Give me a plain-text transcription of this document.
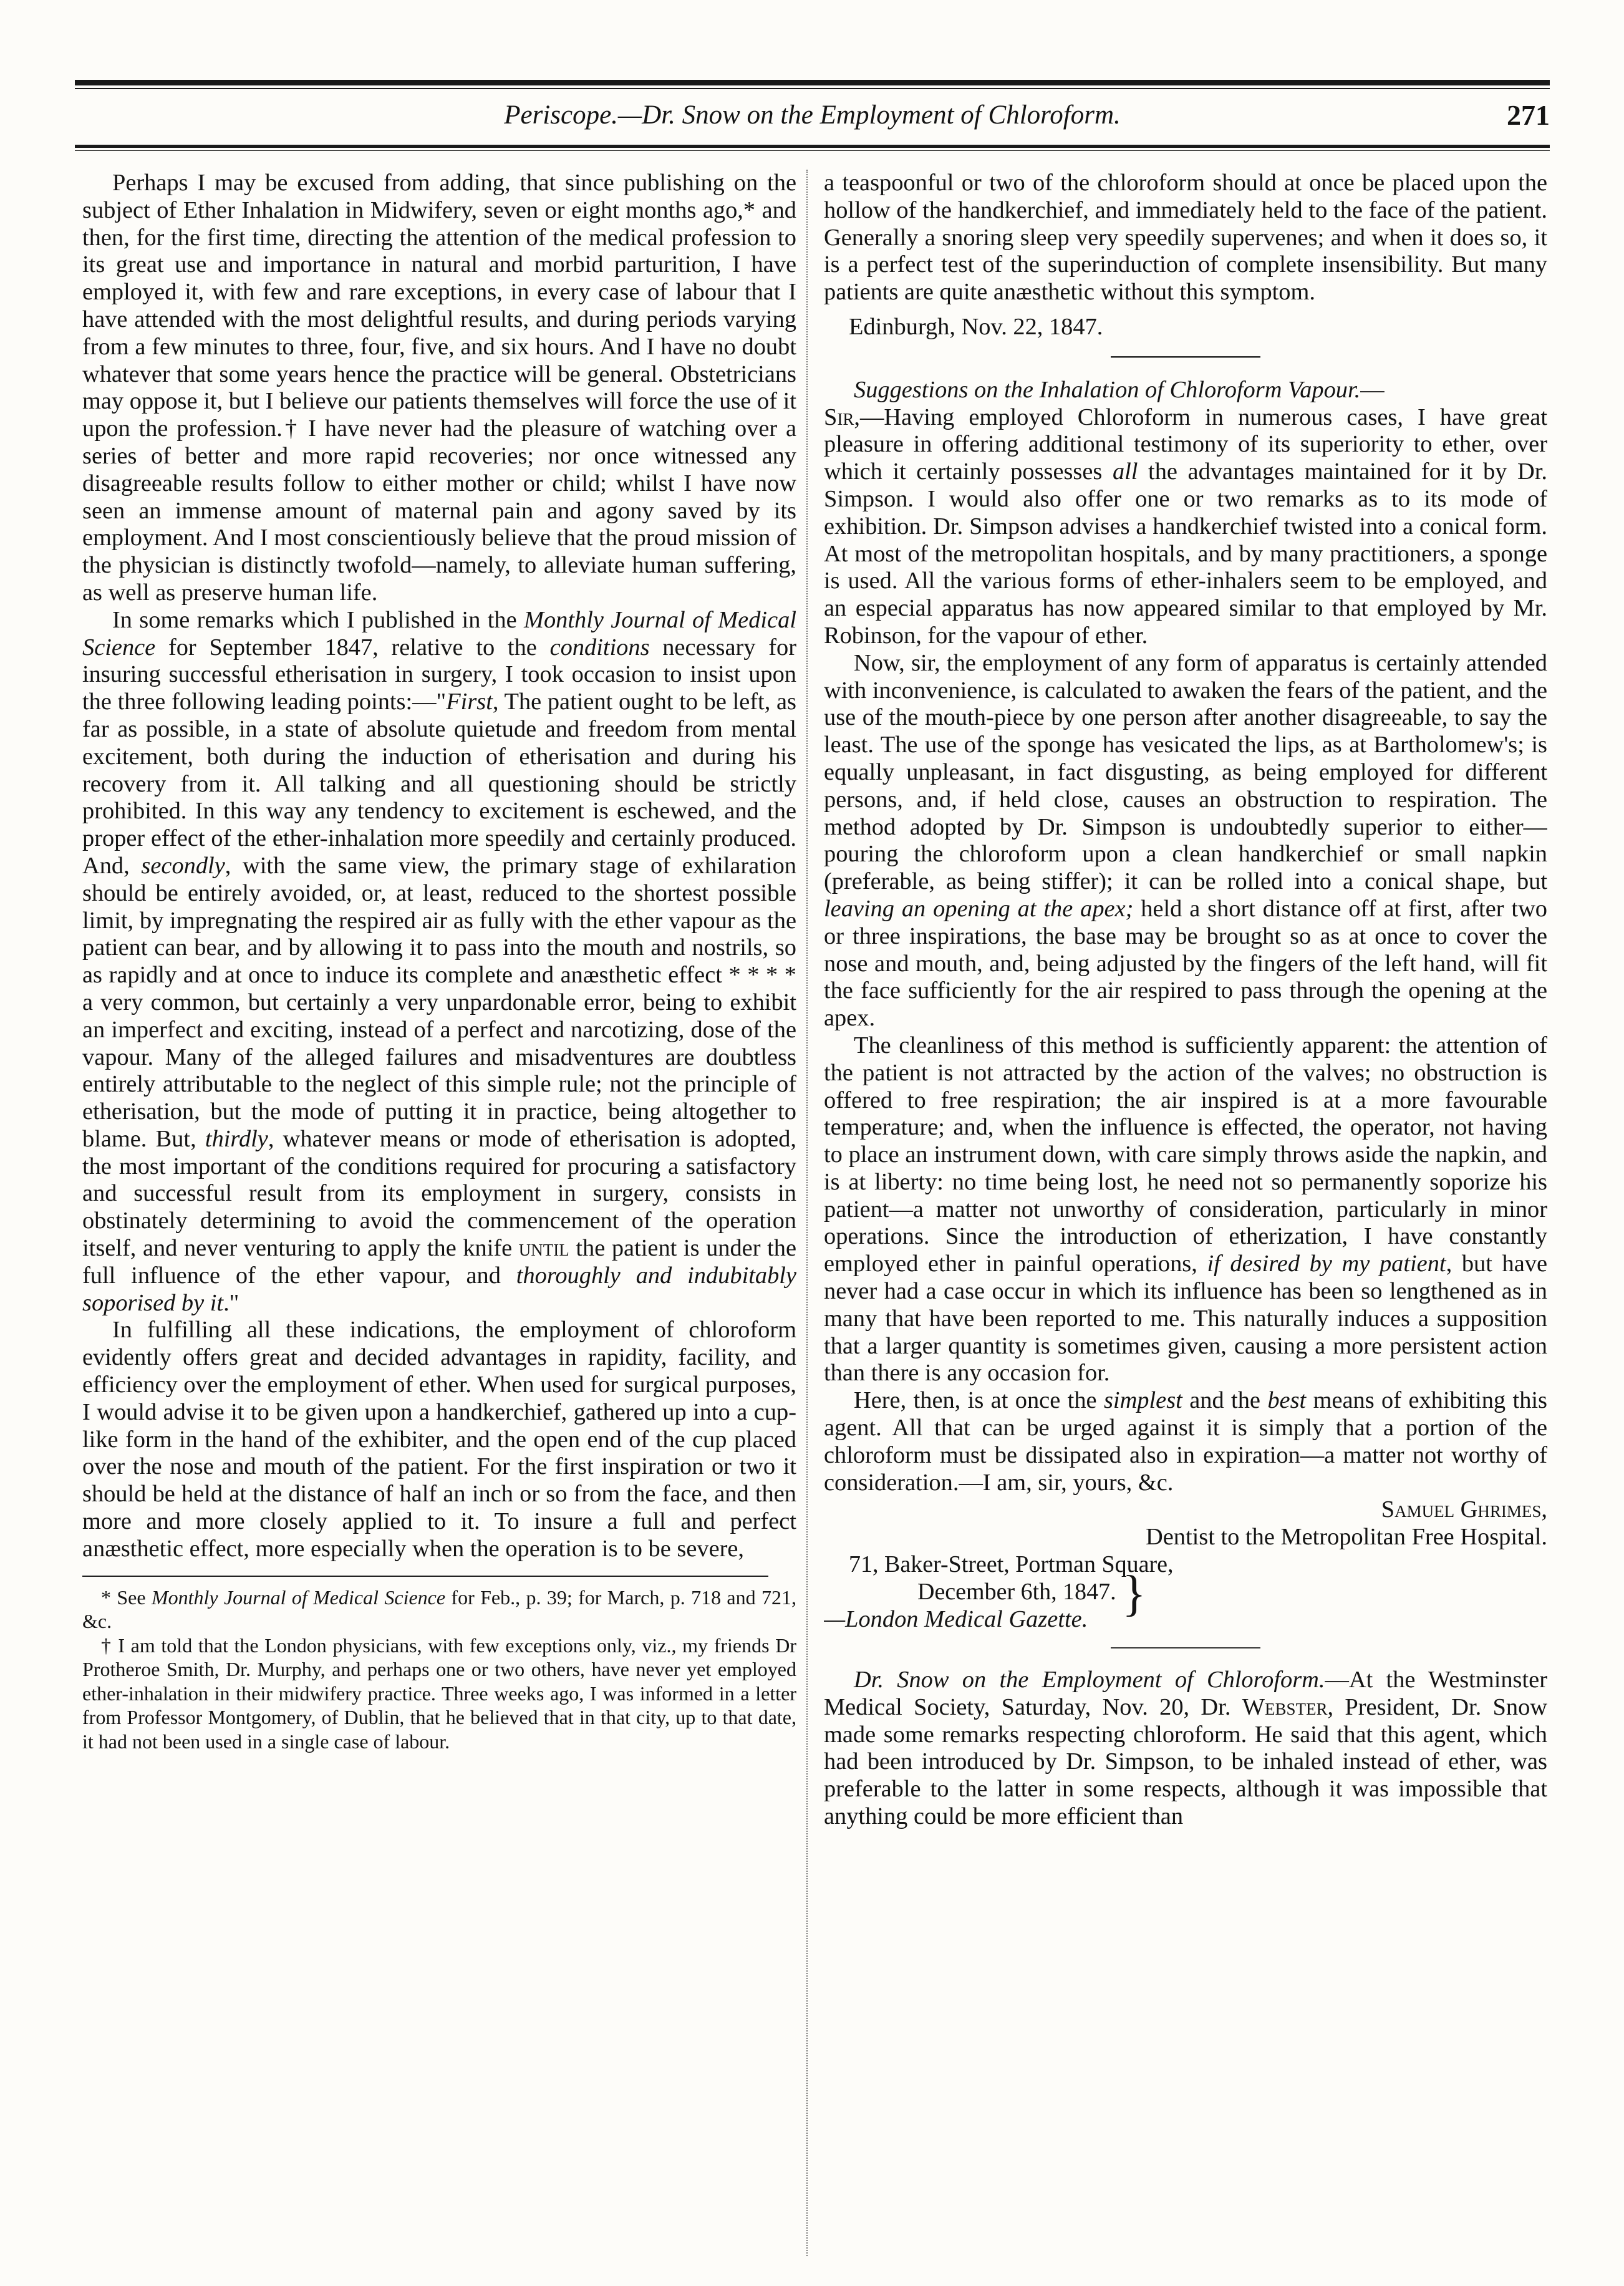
Periscope.—Dr. Snow on the Employment of Chloroform.	271

Perhaps I may be excused from adding, that since publishing on the subject of Ether Inhalation in Midwifery, seven or eight months ago,* and then, for the first time, directing the attention of the medical profession to its great use and importance in natural and morbid parturition, I have employed it, with few and rare exceptions, in every case of labour that I have attended with the most delightful results, and during periods varying from a few minutes to three, four, five, and six hours. And I have no doubt whatever that some years hence the practice will be general. Obstetricians may oppose it, but I believe our patients themselves will force the use of it upon the profession.† I have never had the pleasure of watching over a series of better and more rapid recoveries; nor once witnessed any disagreeable results follow to either mother or child; whilst I have now seen an immense amount of maternal pain and agony saved by its employment. And I most conscientiously believe that the proud mission of the physician is distinctly twofold—namely, to alleviate human suffering, as well as preserve human life.

In some remarks which I published in the Monthly Journal of Medical Science for September 1847, relative to the conditions necessary for insuring successful etherisation in surgery, I took occasion to insist upon the three following leading points:—"First, The patient ought to be left, as far as possible, in a state of absolute quietude and freedom from mental excitement, both during the induction of etherisation and during his recovery from it. All talking and all questioning should be strictly prohibited. In this way any tendency to excitement is eschewed, and the proper effect of the ether-inhalation more speedily and certainly produced. And, secondly, with the same view, the primary stage of exhilaration should be entirely avoided, or, at least, reduced to the shortest possible limit, by impregnating the respired air as fully with the ether vapour as the patient can bear, and by allowing it to pass into the mouth and nostrils, so as rapidly and at once to induce its complete and anæsthetic effect * * * * a very common, but certainly a very unpardonable error, being to exhibit an imperfect and exciting, instead of a perfect and narcotizing, dose of the vapour. Many of the alleged failures and misadventures are doubtless entirely attributable to the neglect of this simple rule; not the principle of etherisation, but the mode of putting it in practice, being altogether to blame. But, thirdly, whatever means or mode of etherisation is adopted, the most important of the conditions required for procuring a satisfactory and successful result from its employment in surgery, consists in obstinately determining to avoid the commencement of the operation itself, and never venturing to apply the knife until the patient is under the full influence of the ether vapour, and thoroughly and indubitably soporised by it."

In fulfilling all these indications, the employment of chloroform evidently offers great and decided advantages in rapidity, facility, and efficiency over the employment of ether. When used for surgical purposes, I would advise it to be given upon a handkerchief, gathered up into a cup-like form in the hand of the exhibiter, and the open end of the cup placed over the nose and mouth of the patient. For the first inspiration or two it should be held at the distance of half an inch or so from the face, and then more and more closely applied to it. To insure a full and perfect anæsthetic effect, more especially when the operation is to be severe,

* See Monthly Journal of Medical Science for Feb., p. 39; for March, p. 718 and 721, &c.

† I am told that the London physicians, with few exceptions only, viz., my friends Dr Protheroe Smith, Dr. Murphy, and perhaps one or two others, have never yet employed ether-inhalation in their midwifery practice. Three weeks ago, I was informed in a letter from Professor Montgomery, of Dublin, that he believed that in that city, up to that date, it had not been used in a single case of labour.

a teaspoonful or two of the chloroform should at once be placed upon the hollow of the handkerchief, and immediately held to the face of the patient. Generally a snoring sleep very speedily supervenes; and when it does so, it is a perfect test of the superinduction of complete insensibility. But many patients are quite anæsthetic without this symptom.

Edinburgh, Nov. 22, 1847.

Suggestions on the Inhalation of Chloroform Vapour.—
Sir,—Having employed Chloroform in numerous cases, I have great pleasure in offering additional testimony of its superiority to ether, over which it certainly possesses all the advantages maintained for it by Dr. Simpson. I would also offer one or two remarks as to its mode of exhibition. Dr. Simpson advises a handkerchief twisted into a conical form. At most of the metropolitan hospitals, and by many practitioners, a sponge is used. All the various forms of ether-inhalers seem to be employed, and an especial apparatus has now appeared similar to that employed by Mr. Robinson, for the vapour of ether.

Now, sir, the employment of any form of apparatus is certainly attended with inconvenience, is calculated to awaken the fears of the patient, and the use of the mouth-piece by one person after another disagreeable, to say the least. The use of the sponge has vesicated the lips, as at Bartholomew's; is equally unpleasant, in fact disgusting, as being employed for different persons, and, if held close, causes an obstruction to respiration. The method adopted by Dr. Simpson is undoubtedly superior to either—pouring the chloroform upon a clean handkerchief or small napkin (preferable, as being stiffer); it can be rolled into a conical shape, but leaving an opening at the apex; held a short distance off at first, after two or three inspirations, the base may be brought so as at once to cover the nose and mouth, and, being adjusted by the fingers of the left hand, will fit the face sufficiently for the air respired to pass through the opening at the apex.

The cleanliness of this method is sufficiently apparent: the attention of the patient is not attracted by the action of the valves; no obstruction is offered to free respiration; the air inspired is at a more favourable temperature; and, when the influence is effected, the operator, not having to place an instrument down, with care simply throws aside the napkin, and is at liberty: no time being lost, he need not so permanently soporize his patient—a matter not unworthy of consideration, particularly in minor operations. Since the introduction of etherization, I have constantly employed ether in painful operations, if desired by my patient, but have never had a case occur in which its influence has been so lengthened as in many that have been reported to me. This naturally induces a supposition that a larger quantity is sometimes given, causing a more persistent action than there is any occasion for.

Here, then, is at once the simplest and the best means of exhibiting this agent. All that can be urged against it is simply that a portion of the chloroform must be dissipated also in expiration—a matter not worthy of consideration.—I am, sir, yours, &c.

Samuel Ghrimes,

Dentist to the Metropolitan Free Hospital.

71, Baker-Street, Portman Square,
December 6th, 1847. }

—London Medical Gazette.

Dr. Snow on the Employment of Chloroform.—At the Westminster Medical Society, Saturday, Nov. 20, Dr. Webster, President, Dr. Snow made some remarks respecting chloroform. He said that this agent, which had been introduced by Dr. Simpson, to be inhaled instead of ether, was preferable to the latter in some respects, although it was impossible that anything could be more efficient than
